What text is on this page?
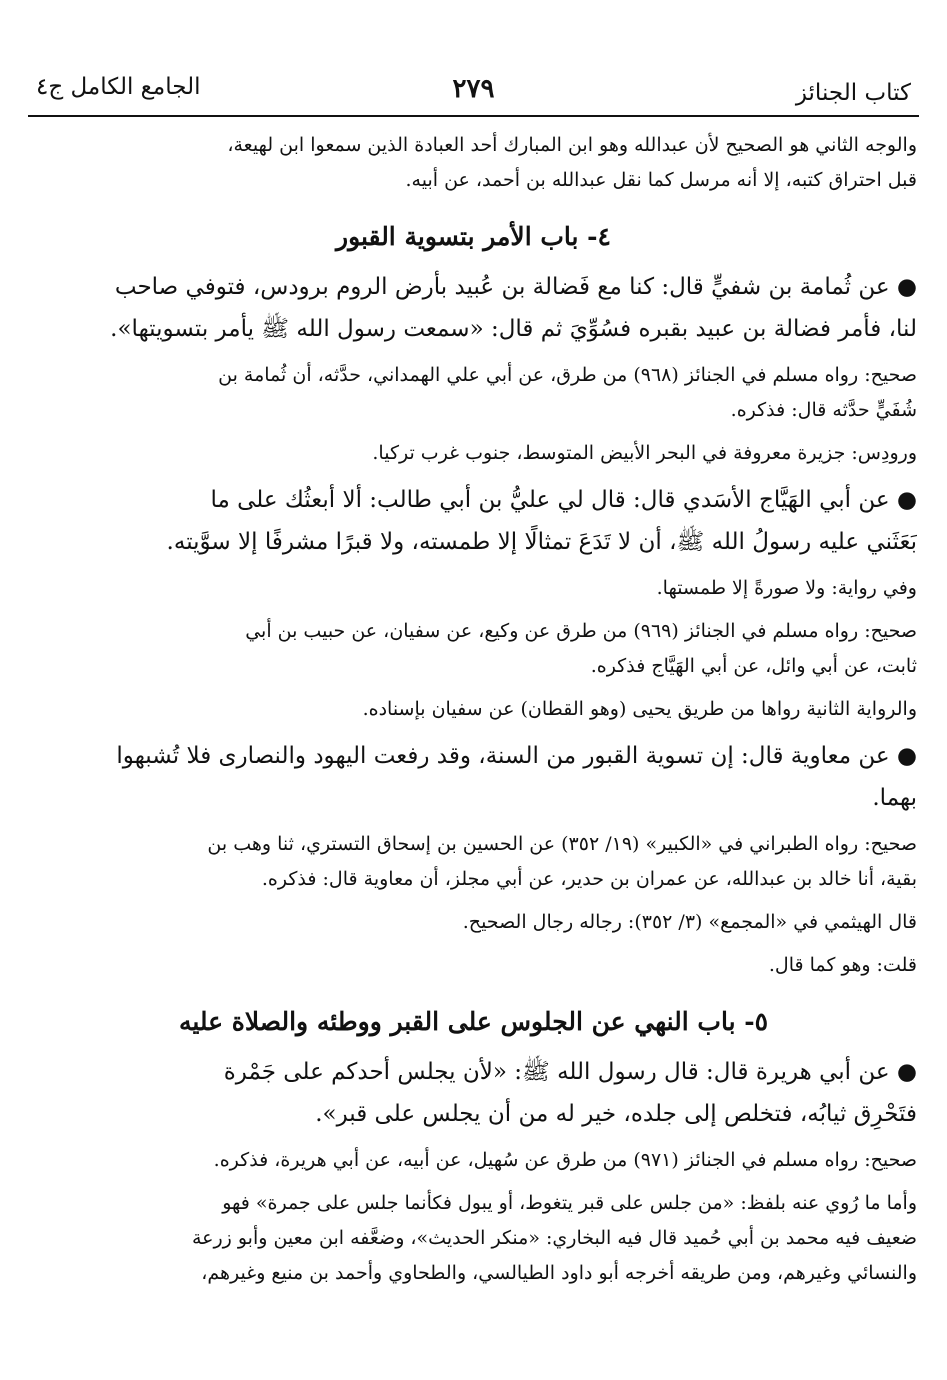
كتاب الجنائز
٢٧٩
الجامع الكامل ج٤
والوجه الثاني هو الصحيح لأن عبدالله وهو ابن المبارك أحد العبادة الذين سمعوا ابن لهيعة،
قبل احتراق كتبه، إلا أنه مرسل كما نقل عبدالله بن أحمد، عن أبيه.
٤- باب الأمر بتسوية القبور
● عن ثُمامة بن شفيٍّ قال: كنا مع فَضالة بن عُبيد بأرض الروم برودس، فتوفي صاحب
لنا، فأمر فضالة بن عبيد بقبره فسُوِّيَ ثم قال: «سمعت رسول الله ﷺ يأمر بتسويتها».
صحيح: رواه مسلم في الجنائز (٩٦٨) من طرق، عن أبي علي الهمداني، حدَّثه، أن ثُمامة بن
شُفَيٍّ حدَّثه قال: فذكره.
ورودِس: جزيرة معروفة في البحر الأبيض المتوسط، جنوب غرب تركيا.
● عن أبي الهَيَّاج الأسَدي قال: قال لي عليُّ بن أبي طالب: ألا أبعثُك على ما
بَعَثَني عليه رسولُ الله ﷺ، أن لا تَدَعَ تمثالًا إلا طمسته، ولا قبرًا مشرفًا إلا سوَّيته.
وفي رواية: ولا صورةً إلا طمستها.
صحيح: رواه مسلم في الجنائز (٩٦٩) من طرق عن وكيع، عن سفيان، عن حبيب بن أبي
ثابت، عن أبي وائل، عن أبي الهَيَّاج فذكره.
والرواية الثانية رواها من طريق يحيى (وهو القطان) عن سفيان بإسناده.
● عن معاوية قال: إن تسوية القبور من السنة، وقد رفعت اليهود والنصارى فلا تُشبهوا
بهما.
صحيح: رواه الطبراني في «الكبير» (١٩/ ٣٥٢) عن الحسين بن إسحاق التستري، ثنا وهب بن
بقية، أنا خالد بن عبدالله، عن عمران بن حدير، عن أبي مجلز، أن معاوية قال: فذكره.
قال الهيثمي في «المجمع» (٣/ ٣٥٢): رجاله رجال الصحيح.
قلت: وهو كما قال.
٥- باب النهي عن الجلوس على القبر ووطئه والصلاة عليه
● عن أبي هريرة قال: قال رسول الله ﷺ: «لأن يجلس أحدكم على جَمْرة
فتَحْرِق ثيابُه، فتخلص إلى جلده، خير له من أن يجلس على قبر».
صحيح: رواه مسلم في الجنائز (٩٧١) من طرق عن سُهيل، عن أبيه، عن أبي هريرة، فذكره.
وأما ما رُوي عنه بلفظ: «من جلس على قبر يتغوط، أو يبول فكأنما جلس على جمرة» فهو
ضعيف فيه محمد بن أبي حُميد قال فيه البخاري: «منكر الحديث»، وضعَّفه ابن معين وأبو زرعة
والنسائي وغيرهم، ومن طريقه أخرجه أبو داود الطيالسي، والطحاوي وأحمد بن منيع وغيرهم،
